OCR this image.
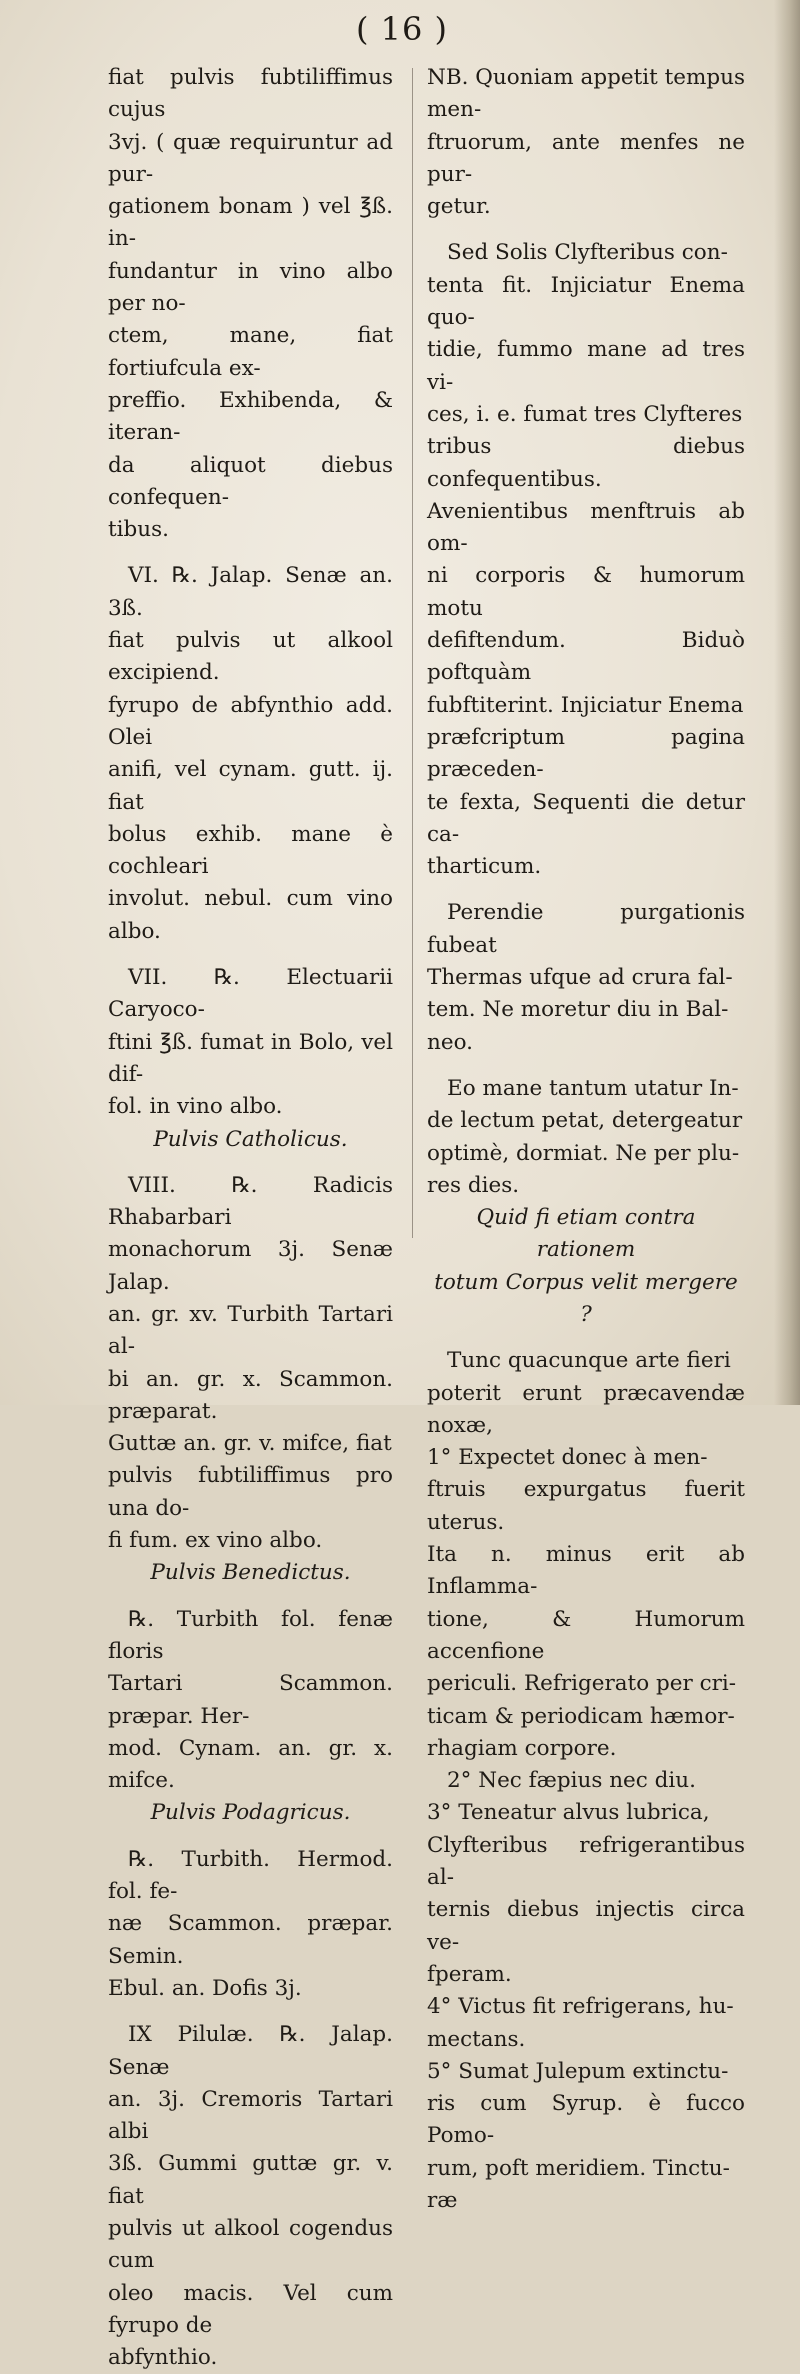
( 16 )

fiat pulvis fubtiliffimus cujus
3vj. ( quæ requiruntur ad pur-
gationem bonam ) vel ℥ß. in-
fundantur in vino albo per no-
ctem, mane, fiat fortiufcula ex-
preffio. Exhibenda, & iteran-
da aliquot diebus confequen-
tibus.

VI. ℞. Jalap. Senæ an. 3ß.
fiat pulvis ut alkool excipiend.
fyrupo de abfynthio add. Olei
anifi, vel cynam. gutt. ij. fiat
bolus exhib. mane è cochleari
involut. nebul. cum vino albo.

VII. ℞. Electuarii Caryoco-
ftini ℥ß. fumat in Bolo, vel dif-
fol. in vino albo.

Pulvis Catholicus.

VIII. ℞. Radicis Rhabarbari
monachorum 3j. Senæ Jalap.
an. gr. xv. Turbith Tartari al-
bi an. gr. x. Scammon. præparat.
Guttæ an. gr. v. mifce, fiat
pulvis fubtiliffimus pro una do-
fi fum. ex vino albo.

Pulvis Benedictus.

℞. Turbith fol. fenæ floris
Tartari Scammon. præpar. Her-
mod. Cynam. an. gr. x. mifce.

Pulvis Podagricus.

℞. Turbith. Hermod. fol. fe-
næ Scammon. præpar. Semin.
Ebul. an. Dofis 3j.

IX Pilulæ. ℞. Jalap. Senæ
an. 3j. Cremoris Tartari albi
3ß. Gummi guttæ gr. v. fiat
pulvis ut alkool cogendus cum
oleo macis. Vel cum fyrupo de
abfynthio.

NB. Quoniam appetit tempus men-
ftruorum, ante menfes ne pur-
getur.

Sed Solis Clyfteribus con-
tenta fit. Injiciatur Enema quo-
tidie, fummo mane ad tres vi-
ces, i. e. fumat tres Clyfteres
tribus diebus confequentibus.
Avenientibus menftruis ab om-
ni corporis & humorum motu
defiftendum. Biduò poftquàm
fubftiterint. Injiciatur Enema
præfcriptum pagina præceden-
te fexta, Sequenti die detur ca-
tharticum.

Perendie purgationis fubeat
Thermas ufque ad crura fal-
tem. Ne moretur diu in Bal-
neo.

Eo mane tantum utatur In-
de lectum petat, detergeatur
optimè, dormiat. Ne per plu-
res dies.

Quid fi etiam contra rationem
totum Corpus velit mergere ?

Tunc quacunque arte fieri
poterit erunt præcavendæ noxæ,
1° Expectet donec à men-
ftruis expurgatus fuerit uterus.
Ita n. minus erit ab Inflamma-
tione, & Humorum accenfione
periculi. Refrigerato per cri-
ticam & periodicam hæmor-
rhagiam corpore.

2° Nec fæpius nec diu.
3° Teneatur alvus lubrica,
Clyfteribus refrigerantibus al-
ternis diebus injectis circa ve-
fperam.
4° Victus fit refrigerans, hu-
mectans.
5° Sumat Julepum extinctu-
ris cum Syrup. è fucco Pomo-
rum, poft meridiem. Tinctu-
ræ
